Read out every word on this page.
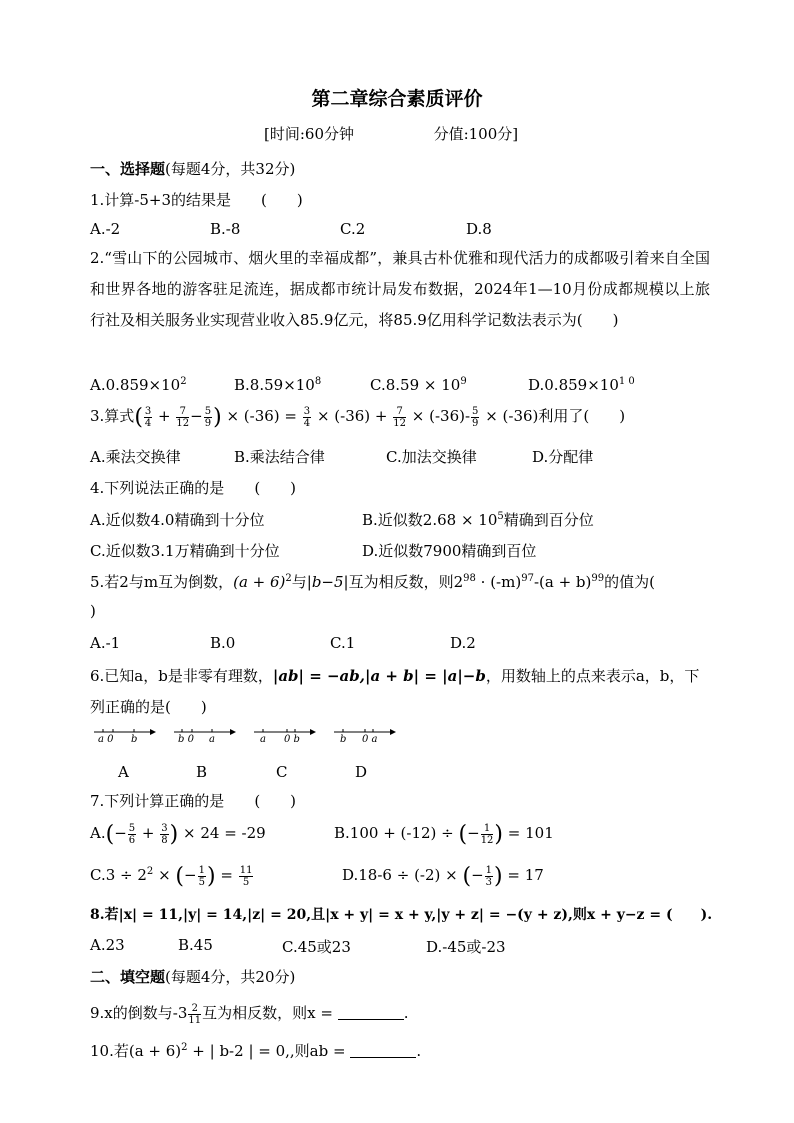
第二章综合素质评价
[时间:60分钟	分值:100分]
一、选择题(每题4分，共32分)
1.计算-5+3的结果是　　(　　)
A.-2	B.-8	C.2	D.8
2.“雪山下的公园城市、烟火里的幸福成都”，兼具古朴优雅和现代活力的成都吸引着来自全国和世界各地的游客驻足流连，据成都市统计局发布数据，2024年1—10月份成都规模以上旅行社及相关服务业实现营业收入85.9亿元，将85.9亿用科学记数法表示为(　　)
$A.0.859\times 10^2$	$B.8.59\times 10^8$	$C.8.59 \times 10^9$	$D.0.859\times 10^{1 0}$
3.算式( $\frac{3}{4} + \frac{7}{12} - \frac{5}{9}$ ) × $(-36) = \frac{3}{4} \times (-36) + \frac{7}{12} \times (-36)- \frac{5}{9} \times (-36)$利用了(　　)
A.乘法交换律	B.乘法结合律	C.加法交换律	D.分配律
4.下列说法正确的是　　(　　)
A.近似数4.0精确到十分位	B.近似数$2.68 \times 10^5$精确到百分位
C.近似数3.1万精确到十分位	D.近似数7900精确到百位
5.若2与m互为倒数，$(a + 6)^2$与|b−5|互为相反数，则$2^{98} \cdot (-m)^{97}-(a + b)^{99}$的值为(
)
A.-1	B.0	C.1	D.2
6.已知a，b是非零有理数，|ab| = −ab,|a + b| = |a|−b，用数轴上的点来表示a，b，下
列正确的是(　　)
a 0 b	b 0 a	a 0 b	b 0 a
A	B	C	D
7.下列计算正确的是　　(　　)
$A.(- \frac{5}{6} + \frac{3}{8}$ ) × 24 = -29	B.100 + (-12) ÷ (− $\frac{1}{12}$ ) = 101
$C.3 \div 2^2$ × (− $\frac{1}{5}$ ) = $\frac{11}{5}$	D.18-6 ÷ (-2) × (− $\frac{1}{3}$ ) = 17
8.若|x| = 11,|y| = 14,|z| = 20,且|x + y| = x + y,|y + z| = −(y + z),则x + y−z = (　　).
A.23	B.45	C.45或23	D.-45或-23
二、填空题(每题4分，共20分)
9.x的倒数与$-3 \frac{2}{11}$ 互为相反数，则x =	.
10.若$(a + 6)^2$ + | b-2 | = 0,,则ab =	.
